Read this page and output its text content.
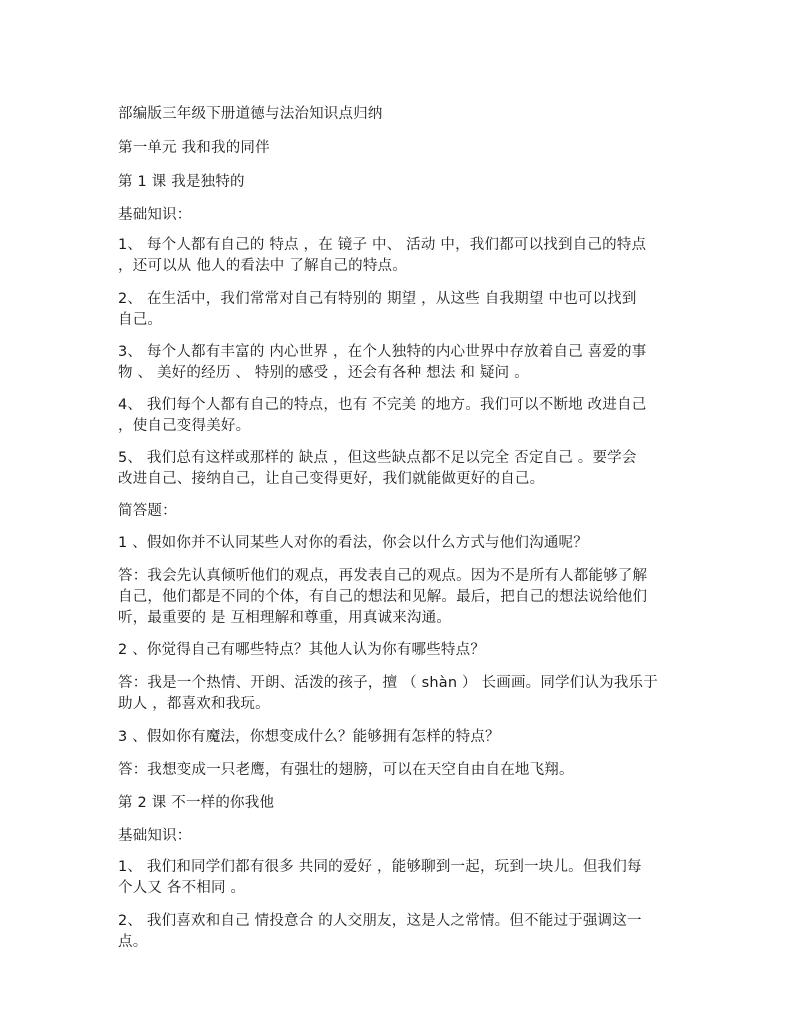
部编版三年级下册道德与法治知识点归纳
第一单元 我和我的同伴
第 1 课 我是独特的
基础知识：
1、 每个人都有自己的 特点 ，在 镜子 中、 活动 中，我们都可以找到自己的特点
，还可以从 他人的看法中 了解自己的特点。
2、 在生活中，我们常常对自己有特别的 期望 ，从这些 自我期望 中也可以找到
自己。
3、 每个人都有丰富的 内心世界 ，在个人独特的内心世界中存放着自己 喜爱的事
物 、 美好的经历 、 特别的感受 ，还会有各种 想法 和 疑问 。
4、 我们每个人都有自己的特点，也有 不完美 的地方。我们可以不断地 改进自己
，使自己变得美好。
5、 我们总有这样或那样的 缺点 ，但这些缺点都不足以完全 否定自己 。要学会
改进自己、接纳自己，让自己变得更好，我们就能做更好的自己。
简答题：
1 、假如你并不认同某些人对你的看法，你会以什么方式与他们沟通呢？
答：我会先认真倾听他们的观点，再发表自己的观点。因为不是所有人都能够了解
自己，他们都是不同的个体，有自己的想法和见解。最后，把自己的想法说给他们
听，最重要的 是 互相理解和尊重，用真诚来沟通。
2 、你觉得自己有哪些特点？其他人认为你有哪些特点？
答：我是一个热情、开朗、活泼的孩子，擅 （ shàn ） 长画画。同学们认为我乐于
助人 ，都喜欢和我玩。
3 、假如你有魔法，你想变成什么？能够拥有怎样的特点？
答：我想变成一只老鹰，有强壮的翅膀，可以在天空自由自在地飞翔。
第 2 课 不一样的你我他
基础知识：
1、 我们和同学们都有很多 共同的爱好 ，能够聊到一起，玩到一块儿。但我们每
个人又 各不相同 。
2、 我们喜欢和自己 情投意合 的人交朋友，这是人之常情。但不能过于强调这一
点。
